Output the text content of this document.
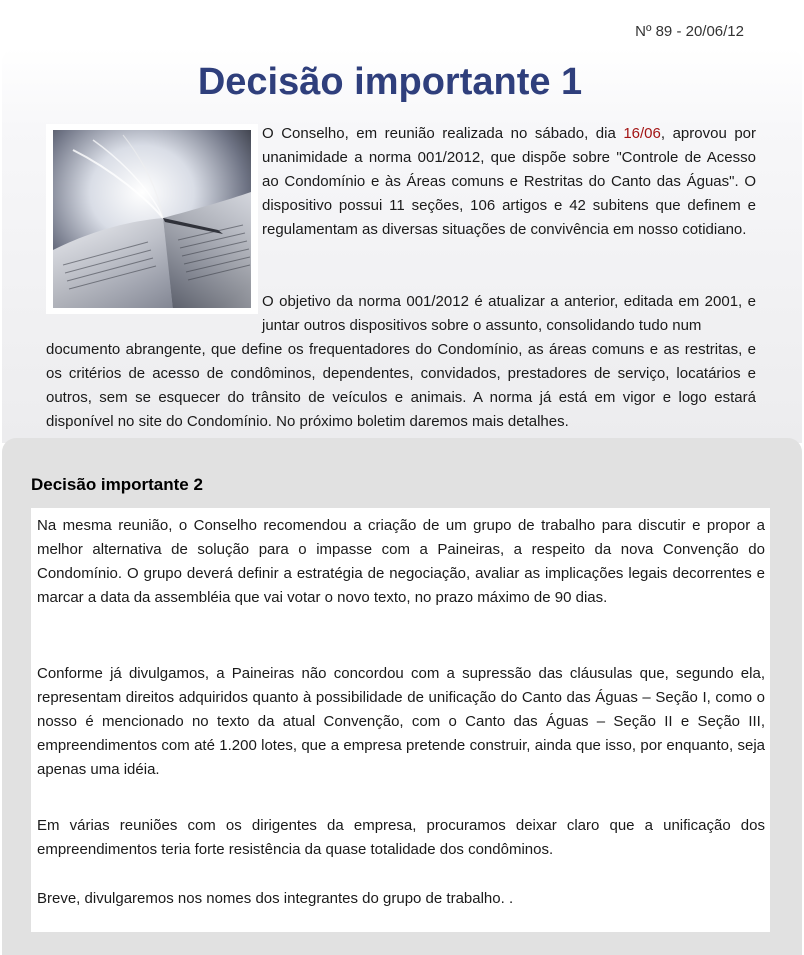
Nº 89 - 20/06/12
Decisão importante 1

O Conselho, em reunião realizada no sábado, dia 16/06, aprovou por unanimidade a norma 001/2012, que dispõe sobre "Controle de Acesso ao Condomínio e às Áreas comuns e Restritas do Canto das Águas". O dispositivo possui 11 seções, 106 artigos e 42 subitens que definem e regulamentam as diversas situações de convivência em nosso cotidiano.

O objetivo da norma 001/2012 é atualizar a anterior, editada em 2001, e juntar outros dispositivos sobre o assunto, consolidando tudo num

documento abrangente, que define os frequentadores do Condomínio, as áreas comuns e as restritas, e os critérios de acesso de condôminos, dependentes, convidados, prestadores de serviço, locatários e outros, sem se esquecer do trânsito de veículos e animais. A norma já está em vigor e logo estará disponível no site do Condomínio. No próximo boletim daremos mais detalhes.

Decisão importante 2

Na mesma reunião, o Conselho recomendou a criação de um grupo de trabalho para discutir e propor a melhor alternativa de solução para o impasse com a Paineiras, a respeito da nova Convenção do Condomínio. O grupo deverá definir a estratégia de negociação, avaliar as implicações legais decorrentes e marcar a data da assembléia que vai votar o novo texto, no prazo máximo de 90 dias.

Conforme já divulgamos, a Paineiras não concordou com a supressão das cláusulas que, segundo ela, representam direitos adquiridos quanto à possibilidade de unificação do Canto das Águas – Seção I, como o nosso é mencionado no texto da atual Convenção, com o Canto das Águas – Seção II e Seção III, empreendimentos com até 1.200 lotes, que a empresa pretende construir, ainda que isso, por enquanto, seja apenas uma idéia.

Em várias reuniões com os dirigentes da empresa, procuramos deixar claro que a unificação dos empreendimentos teria forte resistência da quase totalidade dos condôminos.

Breve, divulgaremos nos nomes dos integrantes do grupo de trabalho. .
